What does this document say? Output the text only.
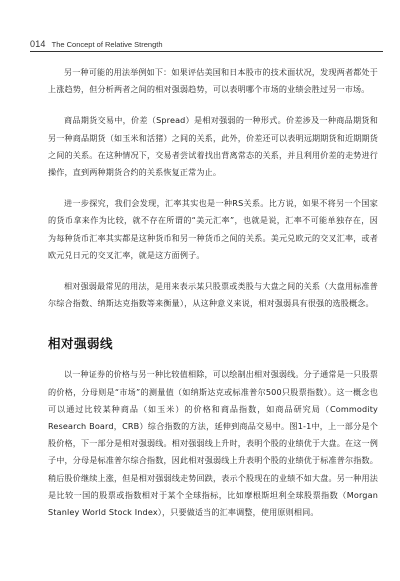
014 The Concept of Relative Strength

另一种可能的用法举例如下：如果评估美国和日本股市的技术面状况，发现两者都处于上涨趋势，但分析两者之间的相对强弱趋势，可以表明哪个市场的业绩会胜过另一市场。

商品期货交易中，价差（Spread）是相对强弱的一种形式。价差涉及一种商品期货和另一种商品期货（如玉米和活猪）之间的关系，此外，价差还可以表明远期期货和近期期货之间的关系。在这种情况下，交易者尝试着找出背离常态的关系，并且利用价差的走势进行操作，直到两种期货合约的关系恢复正常为止。

进一步探究，我们会发现，汇率其实也是一种RS关系。比方说，如果不将另一个国家的货币拿来作为比较，就不存在所谓的“美元汇率”，也就是说，汇率不可能单独存在，因为每种货币汇率其实都是这种货币和另一种货币之间的关系。美元兑欧元的交叉汇率，或者欧元兑日元的交叉汇率，就是这方面例子。

相对强弱最常见的用法，是用来表示某只股票或类股与大盘之间的关系（大盘用标准普尔综合指数、纳斯达克指数等来衡量），从这种意义来说，相对强弱具有很强的选股概念。

相对强弱线

以一种证券的价格与另一种比较值相除，可以绘制出相对强弱线。分子通常是一只股票的价格，分母则是“市场”的测量值（如纳斯达克或标准普尔500只股票指数）。这一概念也可以通过比较某种商品（如玉米）的价格和商品指数，如商品研究局（Commodity Research Board，CRB）综合指数的方法，延伸到商品交易中。图1-1中，上一部分是个股价格，下一部分是相对强弱线。相对强弱线上升时，表明个股的业绩优于大盘。在这一例子中，分母是标准普尔综合指数，因此相对强弱线上升表明个股的业绩优于标准普尔指数。稍后股价继续上涨，但是相对强弱线走势回跌，表示个股现在的业绩不如大盘。另一种用法是比较一国的股票或指数相对于某个全球指标，比如摩根斯坦利全球股票指数（Morgan Stanley World Stock Index），只要做适当的汇率调整，使用原则相同。
